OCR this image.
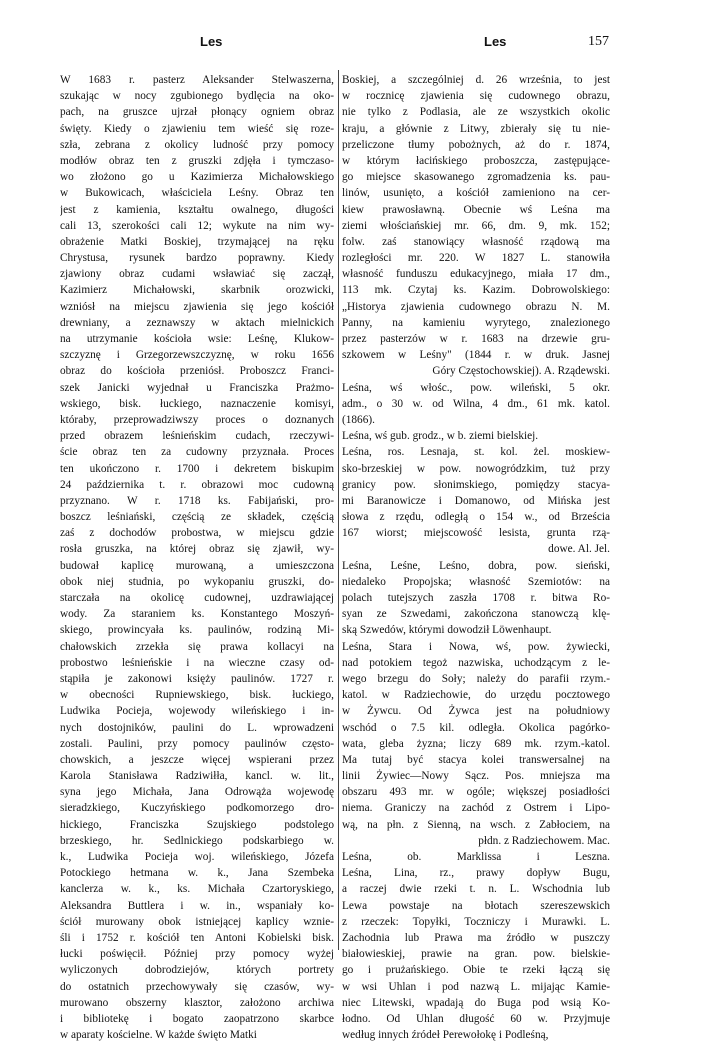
Les	Les	157
W 1683 r. pasterz Aleksander Stelwaszerna,
szukając w nocy zgubionego bydlęcia na oko-
pach, na gruszce ujrzał płonący ogniem obraz
święty. Kiedy o zjawieniu tem wieść się roze-
szła, zebrana z okolicy ludność przy pomocy
modłów obraz ten z gruszki zdjęła i tymczaso-
wo złożono go u Kazimierza Michałowskiego
w Bukowicach, właściciela Leśny. Obraz ten
jest z kamienia, kształtu owalnego, długości
cali 13, szerokości cali 12; wykute na nim wy-
obrażenie Matki Boskiej, trzymającej na ręku
Chrystusa, rysunek bardzo poprawny. Kiedy
zjawiony obraz cudami wsławiać się zaczął,
Kazimierz Michałowski, skarbnik orozwicki,
wzniósł na miejscu zjawienia się jego kościół
drewniany, a zeznawszy w aktach mielnickich
na utrzymanie kościoła wsie: Leśnę, Klukow-
szczyznę i Grzegorzewszczyznę, w roku 1656
obraz do kościoła przeniósł. Proboszcz Franci-
szek Janicki wyjednał u Franciszka Prażmo-
wskiego, bisk. łuckiego, naznaczenie komisyi,
któraby, przeprowadziwszy proces o doznanych
przed obrazem leśnieńskim cudach, rzeczywi-
ście obraz ten za cudowny przyznała. Proces
ten ukończono r. 1700 i dekretem biskupim
24 października t. r. obrazowi moc cudowną
przyznano. W r. 1718 ks. Fabijański, pro-
boszcz leśniański, częścią ze składek, częścią
zaś z dochodów probostwa, w miejscu gdzie
rosła gruszka, na której obraz się zjawił, wy-
budował kaplicę murowaną, a umieszczona
obok niej studnia, po wykopaniu gruszki, do-
starczała na okolicę cudownej, uzdrawiającej
wody. Za staraniem ks. Konstantego Moszyń-
skiego, prowincyała ks. paulinów, rodziną Mi-
chałowskich zrzekła się prawa kollacyi na
probostwo leśnieńskie i na wieczne czasy od-
stąpiła je zakonowi księży paulinów. 1727 r.
w obecności Rupniewskiego, bisk. łuckiego,
Ludwika Pocieja, wojewody wileńskiego i in-
nych dostojników, paulini do L. wprowadzeni
zostali. Paulini, przy pomocy paulinów często-
chowskich, a jeszcze więcej wspierani przez
Karola Stanisława Radziwiłła, kancl. w. lit.,
syna jego Michała, Jana Odrowąża wojewodę
sieradzkiego, Kuczyńskiego podkomorzego dro-
hickiego, Franciszka Szujskiego podstolego
brzeskiego, hr. Sedlnickiego podskarbiego w.
k., Ludwika Pocieja woj. wileńskiego, Józefa
Potockiego hetmana w. k., Jana Szembeka
kanclerza w. k., ks. Michała Czartoryskiego,
Aleksandra Buttlera i w. in., wspaniały ko-
ściół murowany obok istniejącej kaplicy wznie-
śli i 1752 r. kościół ten Antoni Kobielski bisk.
łucki poświęcił. Później przy pomocy wyżej
wyliczonych dobrodziejów, których portrety
do ostatnich przechowywały się czasów, wy-
murowano obszerny klasztor, założono archiwa
i bibliotekę i bogato zaopatrzono skarbce
w aparaty kościelne. W każde święto Matki
Boskiej, a szczególniej d. 26 września, to jest
w rocznicę zjawienia się cudownego obrazu,
nie tylko z Podlasia, ale ze wszystkich okolic
kraju, a głównie z Litwy, zbierały się tu nie-
przeliczone tłumy pobożnych, aż do r. 1874,
w którym łacińskiego proboszcza, zastępujące-
go miejsce skasowanego zgromadzenia ks. pau-
linów, usunięto, a kościół zamieniono na cer-
kiew prawosławną. Obecnie wś Leśna ma
ziemi włościańskiej mr. 66, dm. 9, mk. 152;
folw. zaś stanowiący własność rządową ma
rozległości mr. 220. W 1827 L. stanowiła
własność funduszu edukacyjnego, miała 17 dm.,
113 mk. Czytaj ks. Kazim. Dobrowolskiego:
„Historya zjawienia cudownego obrazu N. M.
Panny, na kamieniu wyrytego, znalezionego
przez pasterzów w r. 1683 na drzewie gru-
szkowem w Leśny" (1844 r. w druk. Jasnej
Góry Częstochowskiej). A. Rządewski.
Leśna, wś włośc., pow. wileński, 5 okr.
adm., o 30 w. od Wilna, 4 dm., 61 mk. katol.
(1866).
Leśna, wś gub. grodz., w b. ziemi bielskiej.
Leśna, ros. Lesnaja, st. kol. żel. moskiew-
sko-brzeskiej w pow. nowogródzkim, tuż przy
granicy pow. słonimskiego, pomiędzy stacya-
mi Baranowicze i Domanowo, od Mińska jest
słowa z rzędu, odległą o 154 w., od Brześcia
167 wiorst; miejscowość lesista, grunta rzą-
dowe. Al. Jel.
Leśna, Leśne, Leśno, dobra, pow. sieński,
niedaleko Propojska; własność Szemiotów: na
polach tutejszych zaszła 1708 r. bitwa Ro-
syan ze Szwedami, zakończona stanowczą klę-
ską Szwedów, którymi dowodził Löwenhaupt.
Leśna, Stara i Nowa, wś, pow. żywiecki,
nad potokiem tegoż nazwiska, uchodzącym z le-
wego brzegu do Soły; należy do parafii rzym.-
katol. w Radziechowie, do urzędu pocztowego
w Żywcu. Od Żywca jest na południowy
wschód o 7.5 kil. odległa. Okolica pagórko-
wata, gleba żyzna; liczy 689 mk. rzym.-katol.
Ma tutaj być stacya kolei transwersalnej na
linii Żywiec—Nowy Sącz. Pos. mniejsza ma
obszaru 493 mr. w ogóle; większej posiadłości
niema. Graniczy na zachód z Ostrem i Lipo-
wą, na płn. z Sienną, na wsch. z Zabłociem, na
płdn. z Radziechowem. Mac.
Leśna, ob. Marklissa i Leszna.
Leśna, Lina, rz., prawy dopływ Bugu,
a raczej dwie rzeki t. n. L. Wschodnia lub
Lewa powstaje na błotach szereszewskich
z rzeczek: Topyłki, Toczniczy i Murawki. L.
Zachodnia lub Prawa ma źródło w puszczy
białowieskiej, prawie na gran. pow. bielskie-
go i prużańskiego. Obie te rzeki łączą się
w wsi Uhlan i pod nazwą L. mijając Kamie-
niec Litewski, wpadają do Buga pod wsią Ko-
łodno. Od Uhlan długość 60 w. Przyjmuje
według innych źródeł Perewołokę i Podleśną,
